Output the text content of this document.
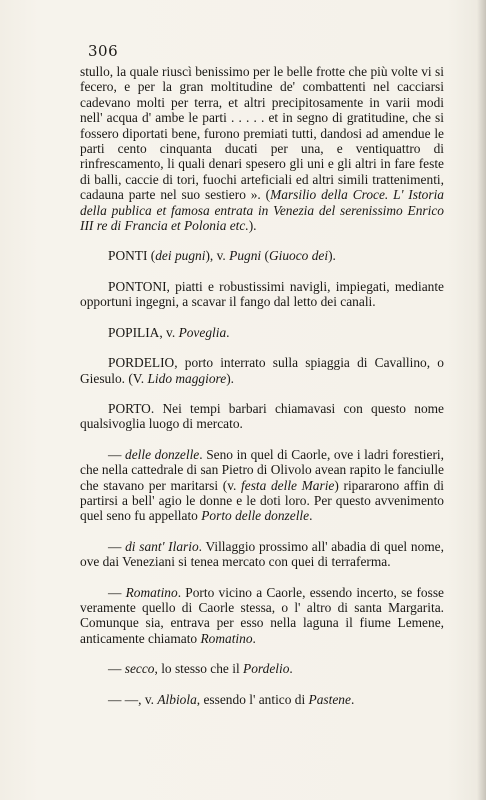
306

stullo, la quale riuscì benissimo per le belle frotte che più volte vi si fecero, e per la gran moltitudine de' combattenti nel cacciarsi cadevano molti per terra, et altri precipitosamente in varii modi nell' acqua d' ambe le parti . . . . . et in segno di gratitudine, che si fossero diportati bene, furono premiati tutti, dandosi ad amendue le parti cento cinquanta ducati per una, e ventiquattro di rinfrescamento, li quali denari spesero gli uni e gli altri in fare feste di balli, caccie di tori, fuochi arteficiali ed altri simili trattenimenti, cadauna parte nel suo sestiero ». (Marsilio della Croce. L' Istoria della publica et famosa entrata in Venezia del serenissimo Enrico III re di Francia et Polonia etc.).

PONTI (dei pugni), v. Pugni (Giuoco dei).

PONTONI, piatti e robustissimi navigli, impiegati, mediante opportuni ingegni, a scavar il fango dal letto dei canali.

POPILIA, v. Poveglia.

PORDELIO, porto interrato sulla spiaggia di Cavallino, o Giesulo. (V. Lido maggiore).

PORTO. Nei tempi barbari chiamavasi con questo nome qualsivoglia luogo di mercato.

— delle donzelle. Seno in quel di Caorle, ove i ladri forestieri, che nella cattedrale di san Pietro di Olivolo avean rapito le fanciulle che stavano per maritarsi (v. festa delle Marie) ripararono affin di partirsi a bell' agio le donne e le doti loro. Per questo avvenimento quel seno fu appellato Porto delle donzelle.

— di sant' Ilario. Villaggio prossimo all' abadia di quel nome, ove dai Veneziani si tenea mercato con quei di terraferma.

— Romatino. Porto vicino a Caorle, essendo incerto, se fosse veramente quello di Caorle stessa, o l' altro di santa Margarita. Comunque sia, entrava per esso nella laguna il fiume Lemene, anticamente chiamato Romatino.

— secco, lo stesso che il Pordelio.

— —, v. Albiola, essendo l' antico di Pastene.
